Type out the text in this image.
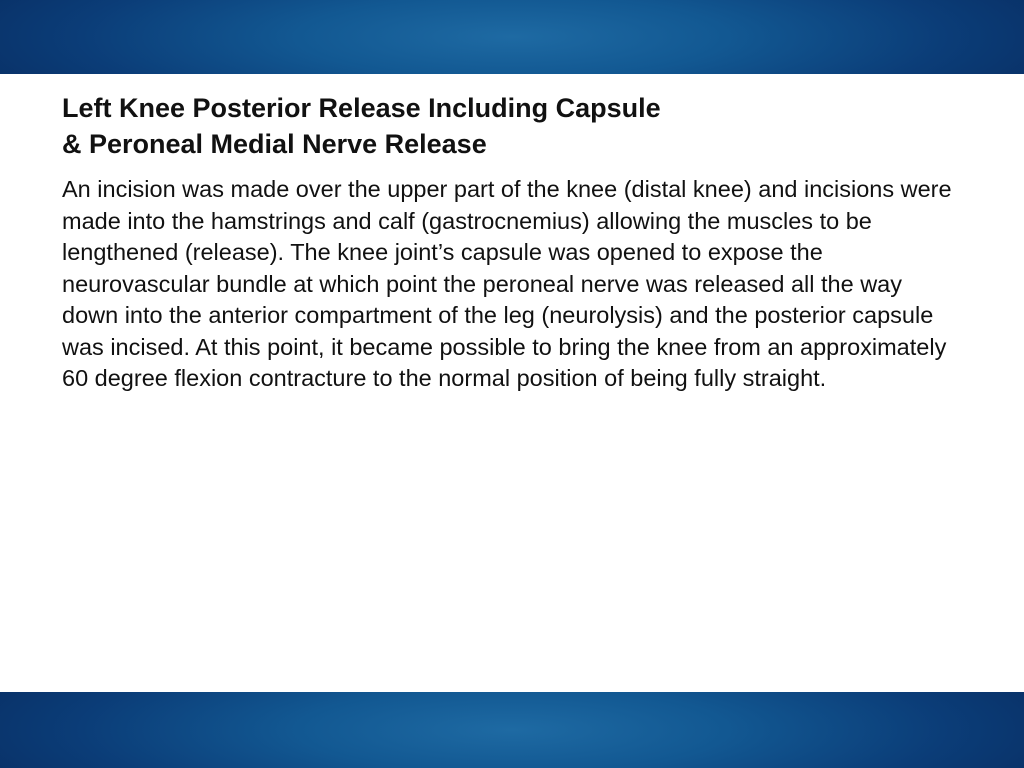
Left Knee Posterior Release Including Capsule
& Peroneal Medial Nerve Release

An incision was made over the upper part of the knee (distal knee) and incisions were made into the hamstrings and calf (gastrocnemius) allowing the muscles to be lengthened (release). The knee joint’s capsule was opened to expose the neurovascular bundle at which point the peroneal nerve was released all the way down into the anterior compartment of the leg (neurolysis) and the posterior capsule was incised. At this point, it became possible to bring the knee from an approximately 60 degree flexion contracture to the normal position of being fully straight.
